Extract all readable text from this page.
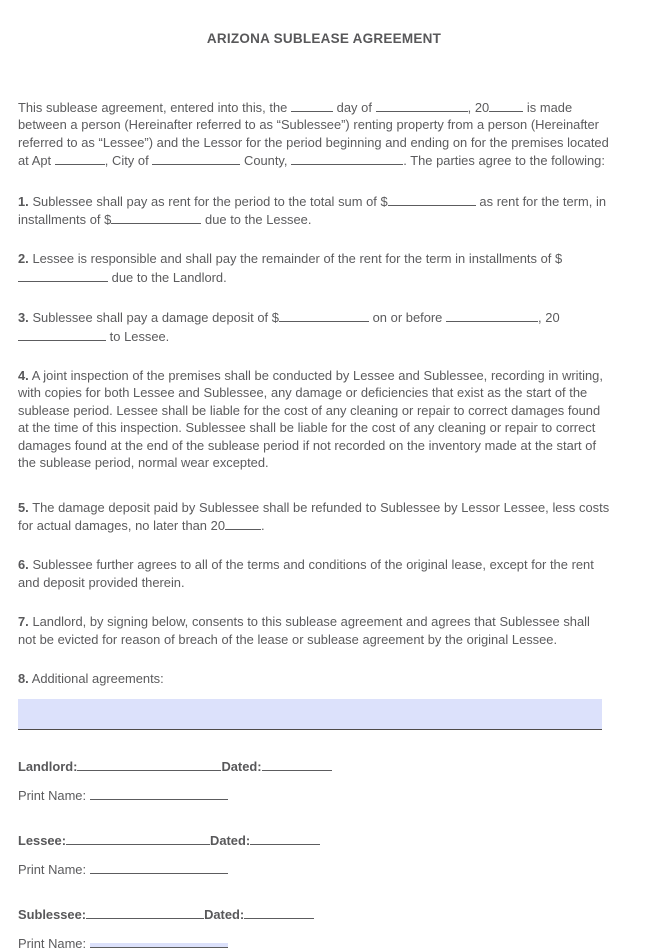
ARIZONA SUBLEASE AGREEMENT

This sublease agreement, entered into this, the	day of	, 20	is made between a person (Hereinafter referred to as “Sublessee”) renting property from a person (Hereinafter referred to as “Lessee”) and the Lessor for the period beginning and ending on for the premises located at Apt	, City of	County,	. The parties agree to the following:

1. Sublessee shall pay as rent for the period to the total sum of $	as rent for the term, in installments of $	due to the Lessee.

2. Lessee is responsible and shall pay the remainder of the rent for the term in installments of $ due to the Landlord.

3. Sublessee shall pay a damage deposit of $	on or before	, 20 to Lessee.

4. A joint inspection of the premises shall be conducted by Lessee and Sublessee, recording in writing, with copies for both Lessee and Sublessee, any damage or deficiencies that exist as the start of the sublease period. Lessee shall be liable for the cost of any cleaning or repair to correct damages found at the time of this inspection. Sublessee shall be liable for the cost of any cleaning or repair to correct damages found at the end of the sublease period if not recorded on the inventory made at the start of the sublease period, normal wear excepted.

5. The damage deposit paid by Sublessee shall be refunded to Sublessee by Lessor Lessee, less costs for actual damages, no later than 20	.

6. Sublessee further agrees to all of the terms and conditions of the original lease, except for the rent and deposit provided therein.

7. Landlord, by signing below, consents to this sublease agreement and agrees that Sublessee shall not be evicted for reason of breach of the lease or sublease agreement by the original Lessee.

8. Additional agreements:

Landlord:	Dated:
Print Name:
Lessee:	Dated:
Print Name:
Sublessee:	Dated:
Print Name:
